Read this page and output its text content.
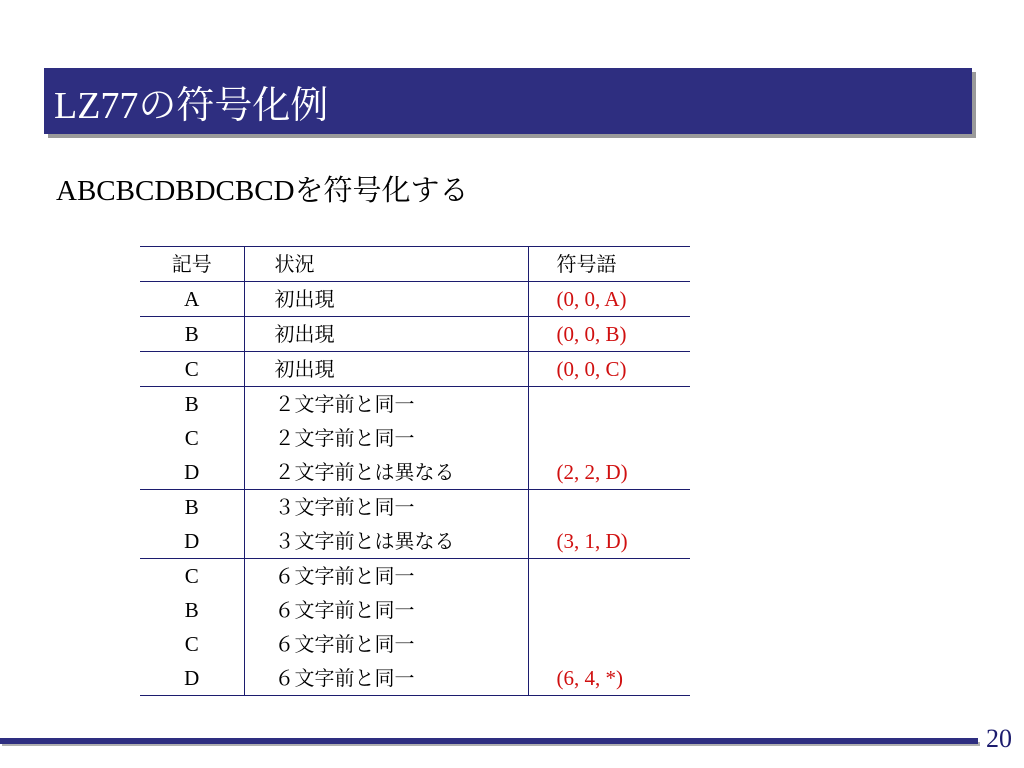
LZ77の符号化例
ABCBCDBDCBCDを符号化する
記号	状況	符号語
A	初出現	(0, 0, A)
B	初出現	(0, 0, B)
C	初出現	(0, 0, C)
B	２文字前と同一	
C	２文字前と同一	
D	２文字前とは異なる	(2, 2, D)
B	３文字前と同一	
D	３文字前とは異なる	(3, 1, D)
C	６文字前と同一	
B	６文字前と同一	
C	６文字前と同一	
D	６文字前と同一	(6, 4, *)
20
